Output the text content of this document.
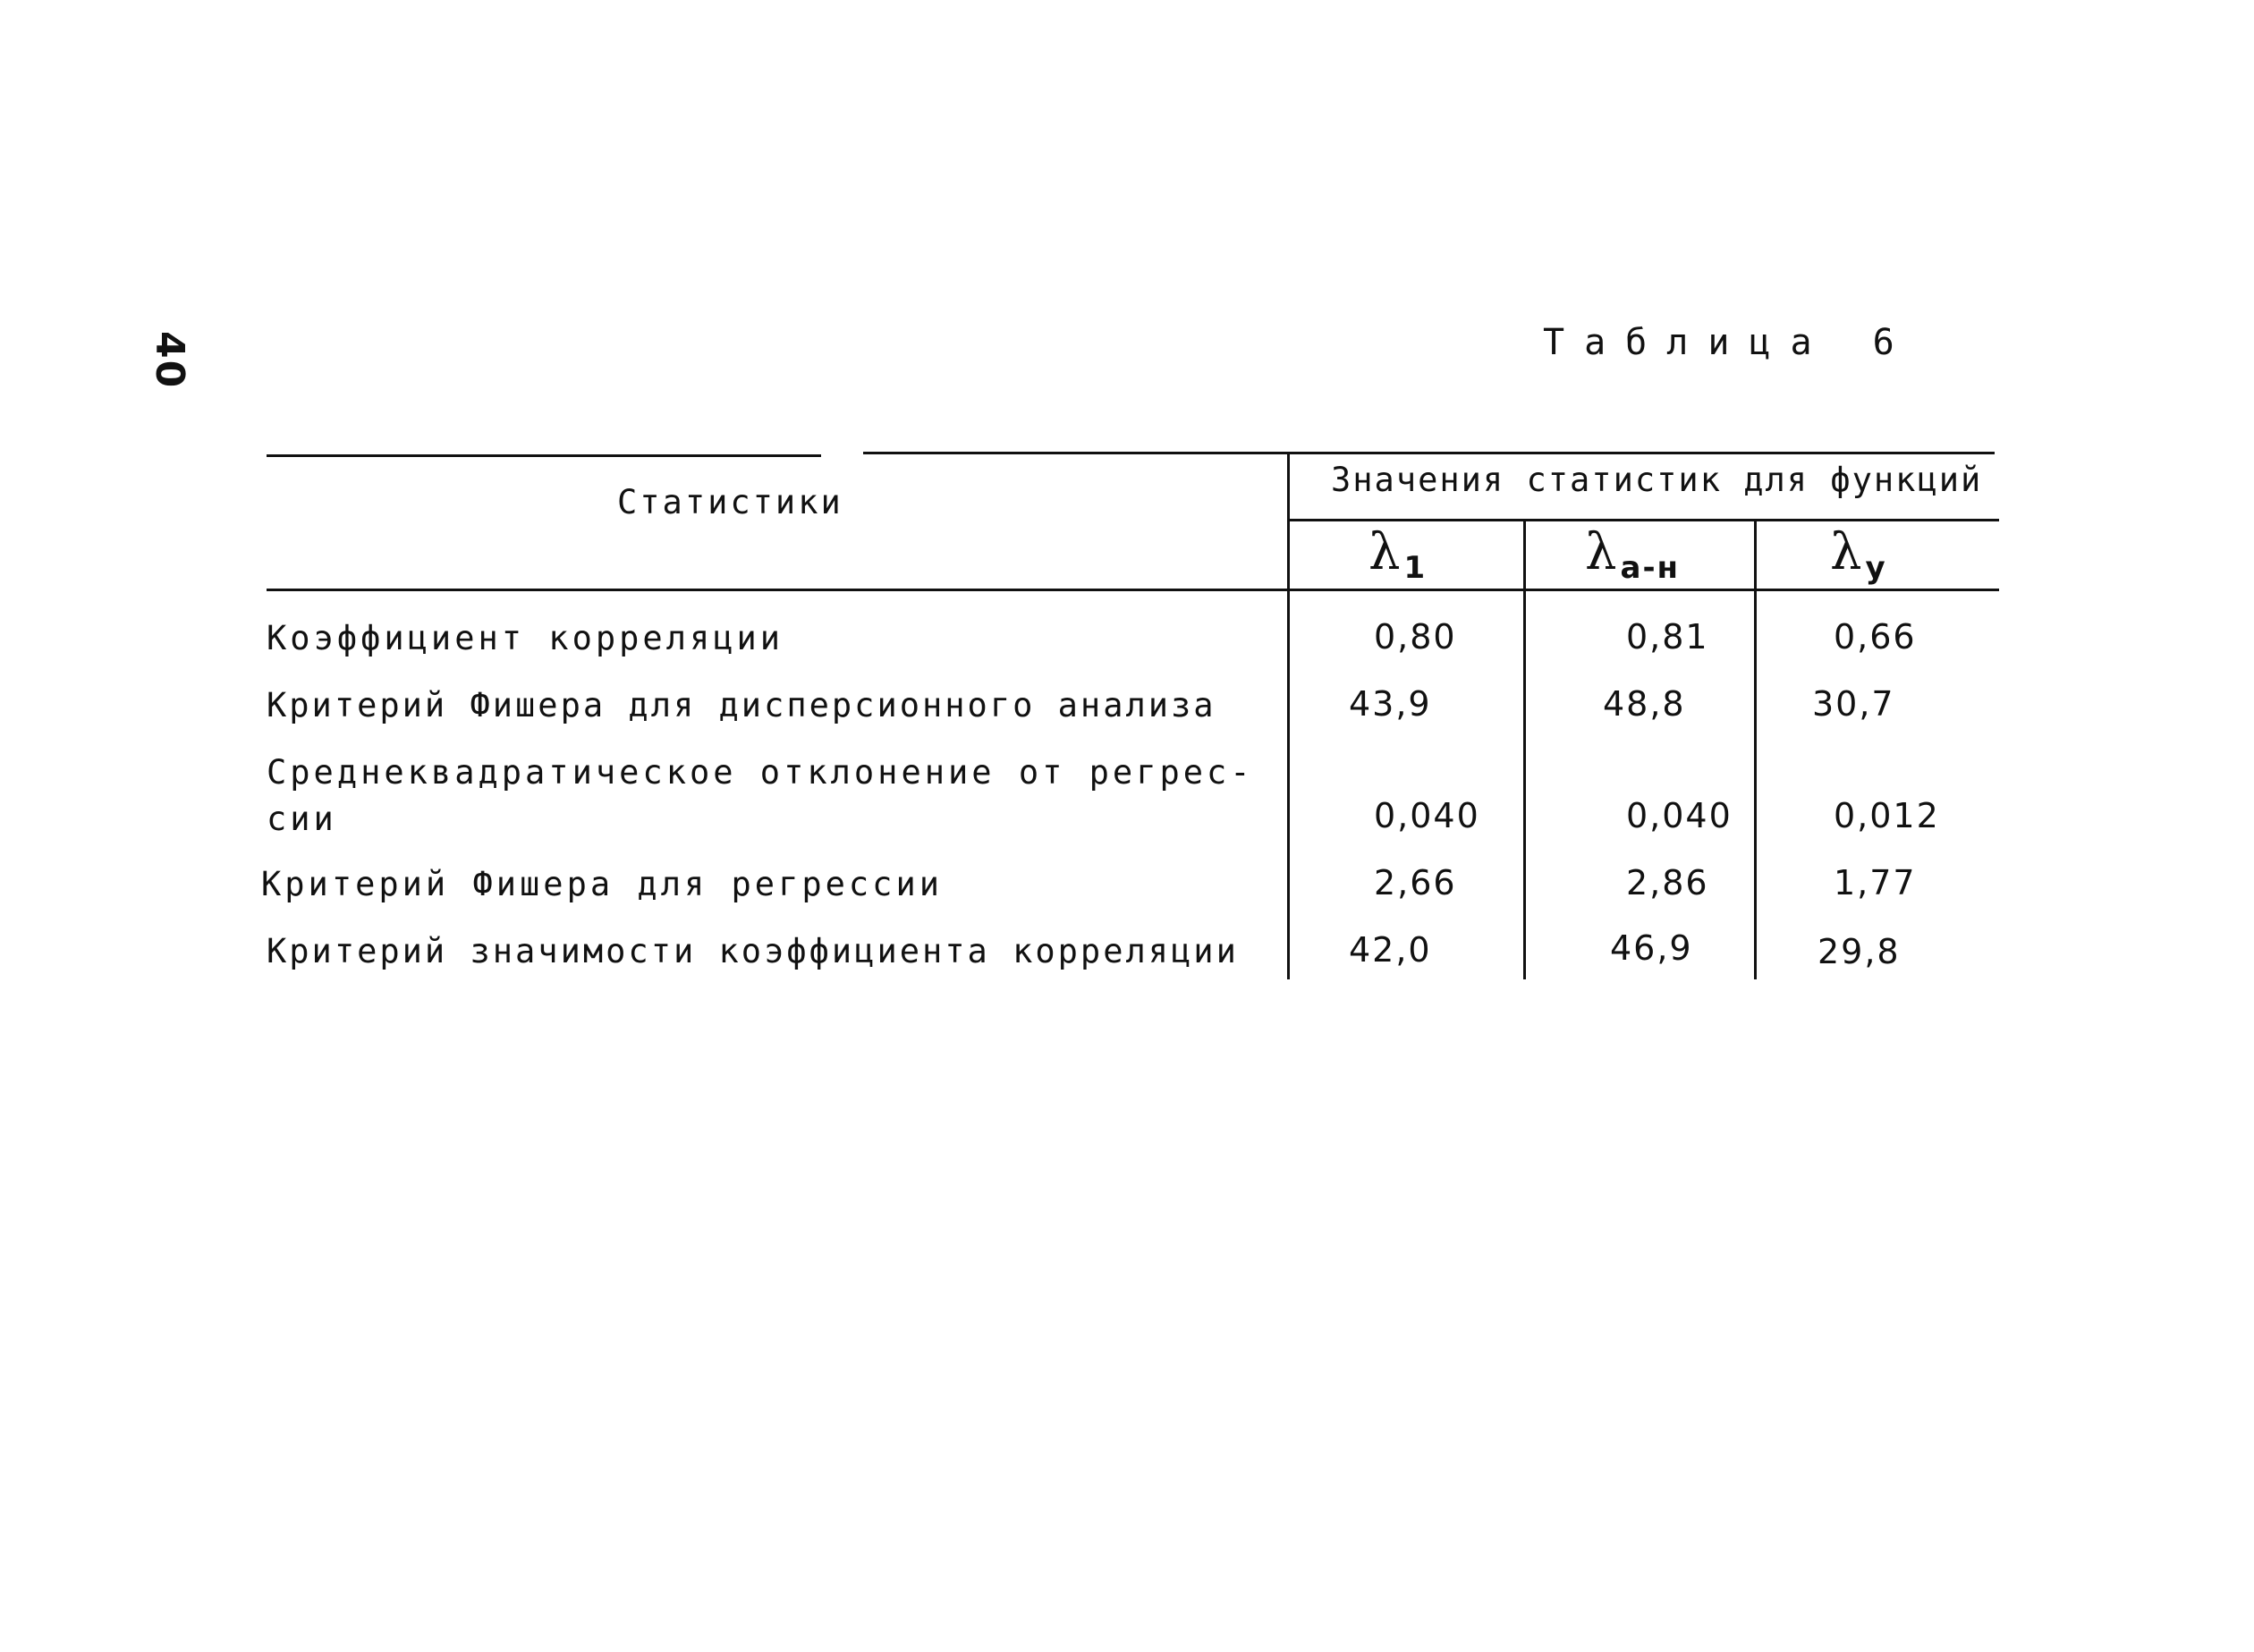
40	Таблица 6
Статистики
Значения статистик для функций
λ $_1$	λ $_{а-н}$	λ $_у$
Коэффициент корреляции	0,80	0,81	0,66
Критерий Фишера для дисперсионного анализа	43,9	48,8	30,7
Среднеквадратическое отклонение от регрес-
сии	0,040	0,040	0,012
Критерий Фишера для регрессии	2,66	2,86	1,77
Критерий значимости коэффициента корреляции	42,0	46,9	29,8
